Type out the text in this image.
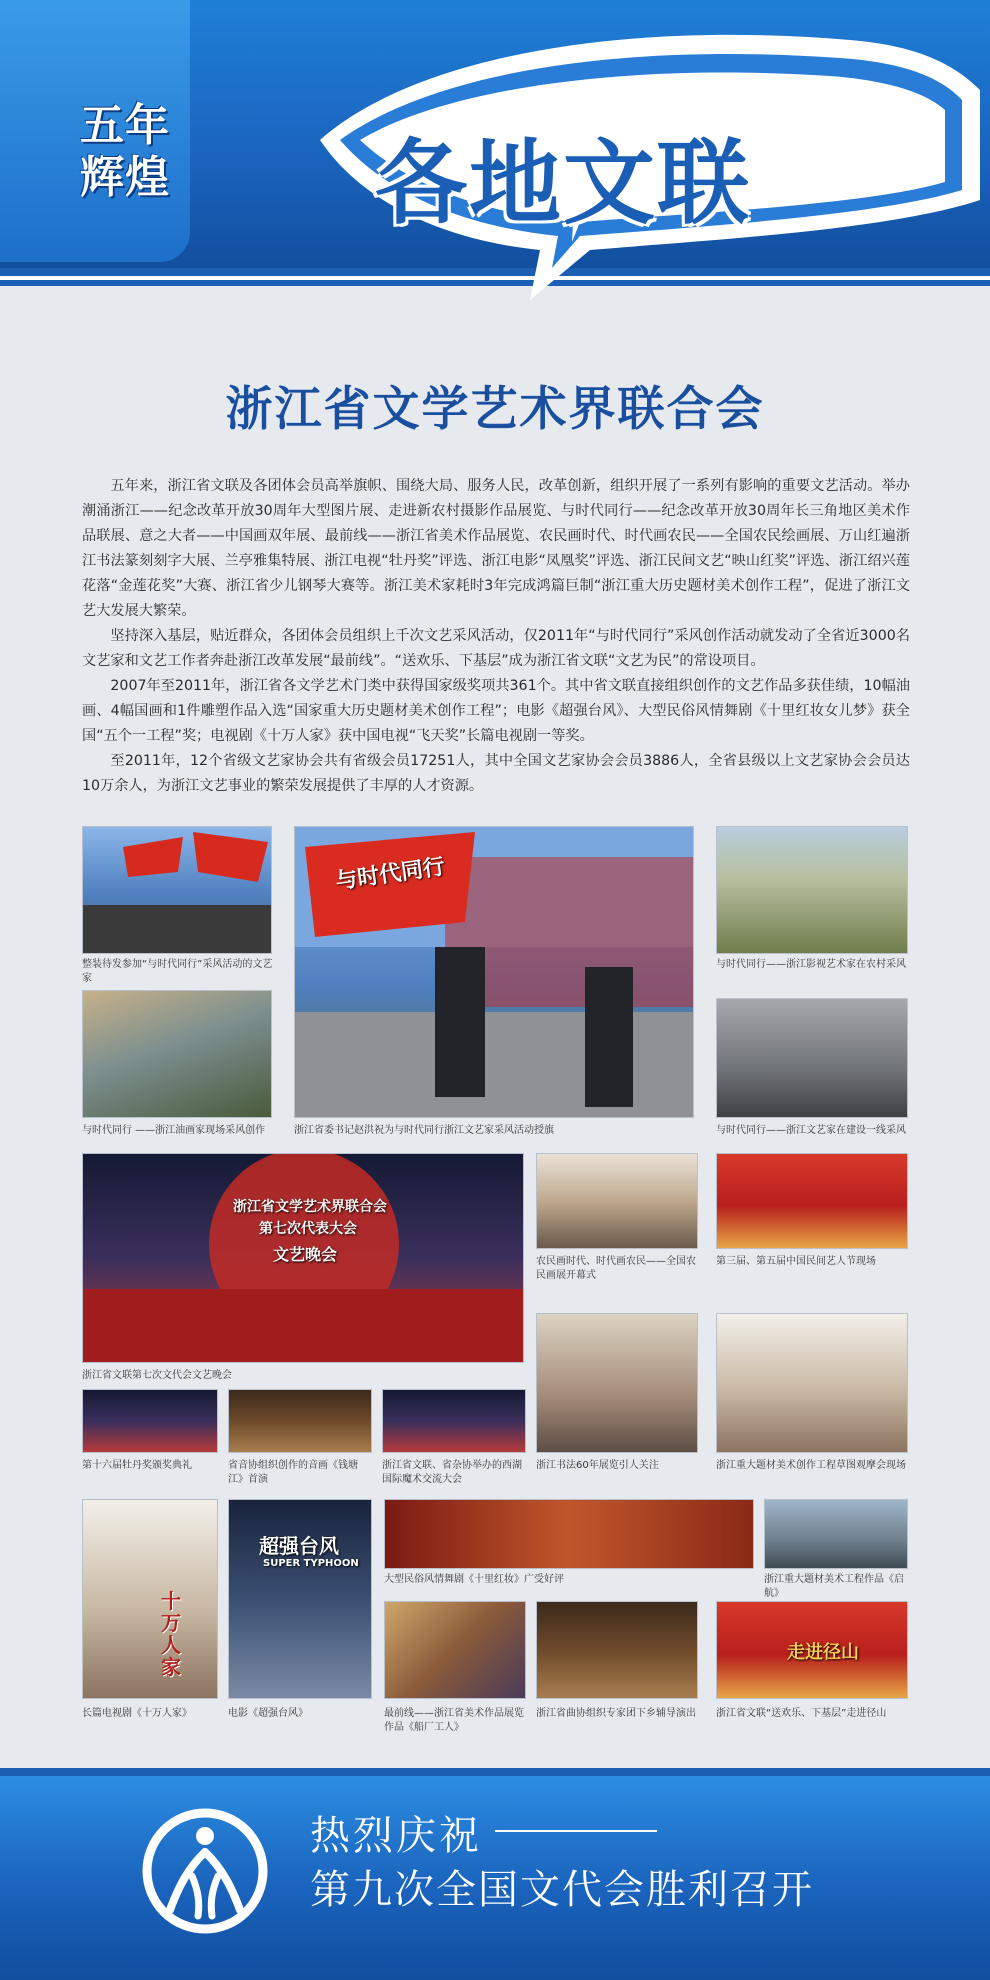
五年
辉煌	各地文联
浙江省文学艺术界联合会

五年来，浙江省文联及各团体会员高举旗帜、围绕大局、服务人民，改革创新，组织开展了一系列有影响的重要文艺活动。举办潮涌浙江——纪念改革开放30周年大型图片展、走进新农村摄影作品展览、与时代同行——纪念改革开放30周年长三角地区美术作品联展、意之大者——中国画双年展、最前线——浙江省美术作品展览、农民画时代、时代画农民——全国农民绘画展、万山红遍浙江书法篆刻刻字大展、兰亭雅集特展、浙江电视“牡丹奖”评选、浙江电影“凤凰奖”评选、浙江民间文艺“映山红奖”评选、浙江绍兴莲花落“金莲花奖”大赛、浙江省少儿钢琴大赛等。浙江美术家耗时3年完成鸿篇巨制“浙江重大历史题材美术创作工程”，促进了浙江文艺大发展大繁荣。

坚持深入基层，贴近群众，各团体会员组织上千次文艺采风活动，仅2011年“与时代同行”采风创作活动就发动了全省近3000名文艺家和文艺工作者奔赴浙江改革发展“最前线”。“送欢乐、下基层”成为浙江省文联“文艺为民”的常设项目。

2007年至2011年，浙江省各文学艺术门类中获得国家级奖项共361个。其中省文联直接组织创作的文艺作品多获佳绩，10幅油画、4幅国画和1件雕塑作品入选“国家重大历史题材美术创作工程”；电影《超强台风》、大型民俗风情舞剧《十里红妆女儿梦》获全国“五个一工程”奖；电视剧《十万人家》获中国电视“飞天奖”长篇电视剧一等奖。

至2011年，12个省级文艺家协会共有省级会员17251人，其中全国文艺家协会会员3886人，全省县级以上文艺家协会会员达10万余人，为浙江文艺事业的繁荣发展提供了丰厚的人才资源。

整装待发参加“与时代同行”采风活动的文艺家
与时代同行
浙江省委书记赵洪祝为与时代同行浙江文艺家采风活动授旗
与时代同行——浙江影视艺术家在农村采风
与时代同行 ——浙江油画家现场采风创作	与时代同行——浙江文艺家在建设一线采风
浙江省文学艺术界联合会
第七次代表大会
文艺晚会
浙江省文联第七次文代会文艺晚会
农民画时代、时代画农民——全国农民画展开幕式
第三届、第五届中国民间艺人节现场
第十六届牡丹奖颁奖典礼	省音协组织创作的音画《钱塘江》首演
浙江省文联、省杂协举办的西湖国际魔术交流大会
浙江书法60年展览引人关注	浙江重大题材美术创作工程草图观摩会现场
十万人家
长篇电视剧《十万人家》
超强台风
SUPER TYPHOON
电影《超强台风》
大型民俗风情舞剧《十里红妆》广受好评	浙江重大题材美术工程作品《启航》
最前线——浙江省美术作品展览作品《船厂工人》
浙江省曲协组织专家团下乡辅导演出
走进径山
浙江省文联“送欢乐、下基层”走进径山
热烈庆祝
第九次全国文代会胜利召开
